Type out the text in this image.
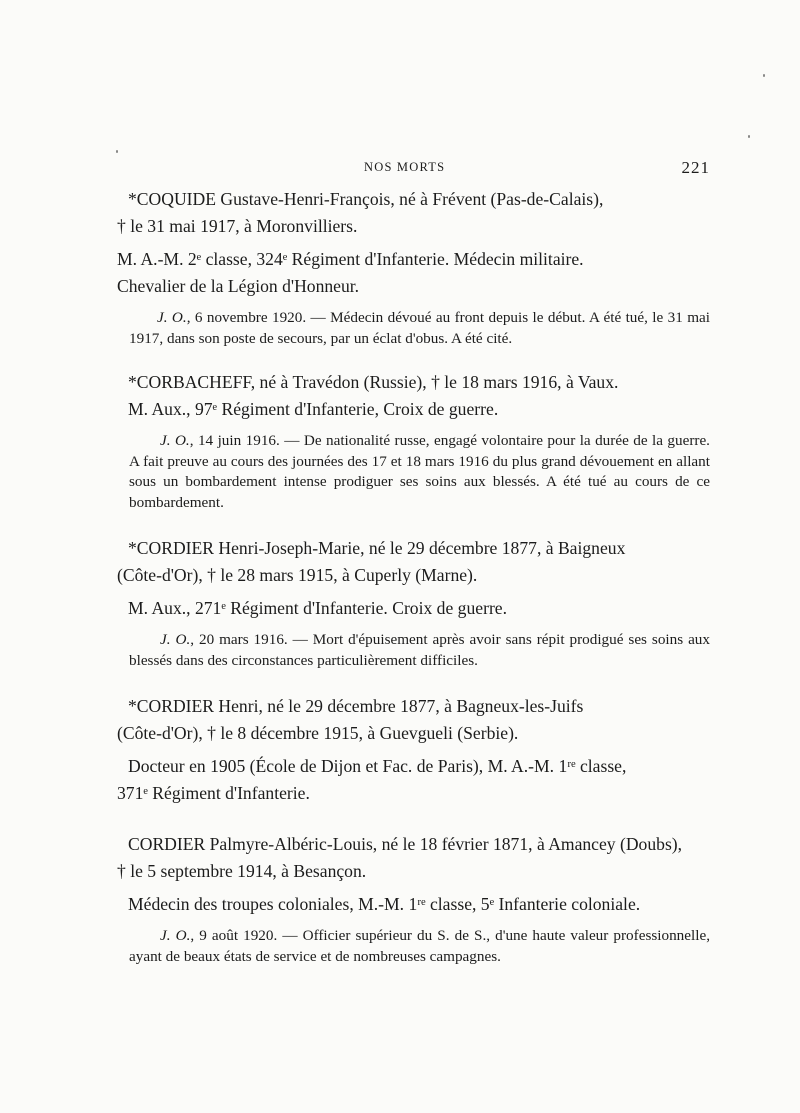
NOS MORTS	221

*COQUIDE Gustave-Henri-François, né à Frévent (Pas-de-Calais),

† le 31 mai 1917, à Moronvilliers.

M. A.-M. 2ᵉ classe, 324ᵉ Régiment d'Infanterie. Médecin militaire.

Chevalier de la Légion d'Honneur.

J. O., 6 novembre 1920. — Médecin dévoué au front depuis le début. A été tué, le 31 mai 1917, dans son poste de secours, par un éclat d'obus. A été cité.

*CORBACHEFF, né à Travédon (Russie), † le 18 mars 1916, à Vaux.

M. Aux., 97ᵉ Régiment d'Infanterie, Croix de guerre.

J. O., 14 juin 1916. — De nationalité russe, engagé volontaire pour la durée de la guerre. A fait preuve au cours des journées des 17 et 18 mars 1916 du plus grand dévouement en allant sous un bombardement intense prodiguer ses soins aux blessés. A été tué au cours de ce bombardement.

*CORDIER Henri-Joseph-Marie, né le 29 décembre 1877, à Baigneux

(Côte-d'Or), † le 28 mars 1915, à Cuperly (Marne).

M. Aux., 271ᵉ Régiment d'Infanterie. Croix de guerre.

J. O., 20 mars 1916. — Mort d'épuisement après avoir sans répit prodigué ses soins aux blessés dans des circonstances particulièrement difficiles.

*CORDIER Henri, né le 29 décembre 1877, à Bagneux-les-Juifs

(Côte-d'Or), † le 8 décembre 1915, à Guevgueli (Serbie).

Docteur en 1905 (École de Dijon et Fac. de Paris), M. A.-M. 1ʳᵉ classe,

371ᵉ Régiment d'Infanterie.

CORDIER Palmyre-Albéric-Louis, né le 18 février 1871, à Amancey (Doubs),

† le 5 septembre 1914, à Besançon.

Médecin des troupes coloniales, M.-M. 1ʳᵉ classe, 5ᵉ Infanterie coloniale.

J. O., 9 août 1920. — Officier supérieur du S. de S., d'une haute valeur professionnelle, ayant de beaux états de service et de nombreuses campagnes.
